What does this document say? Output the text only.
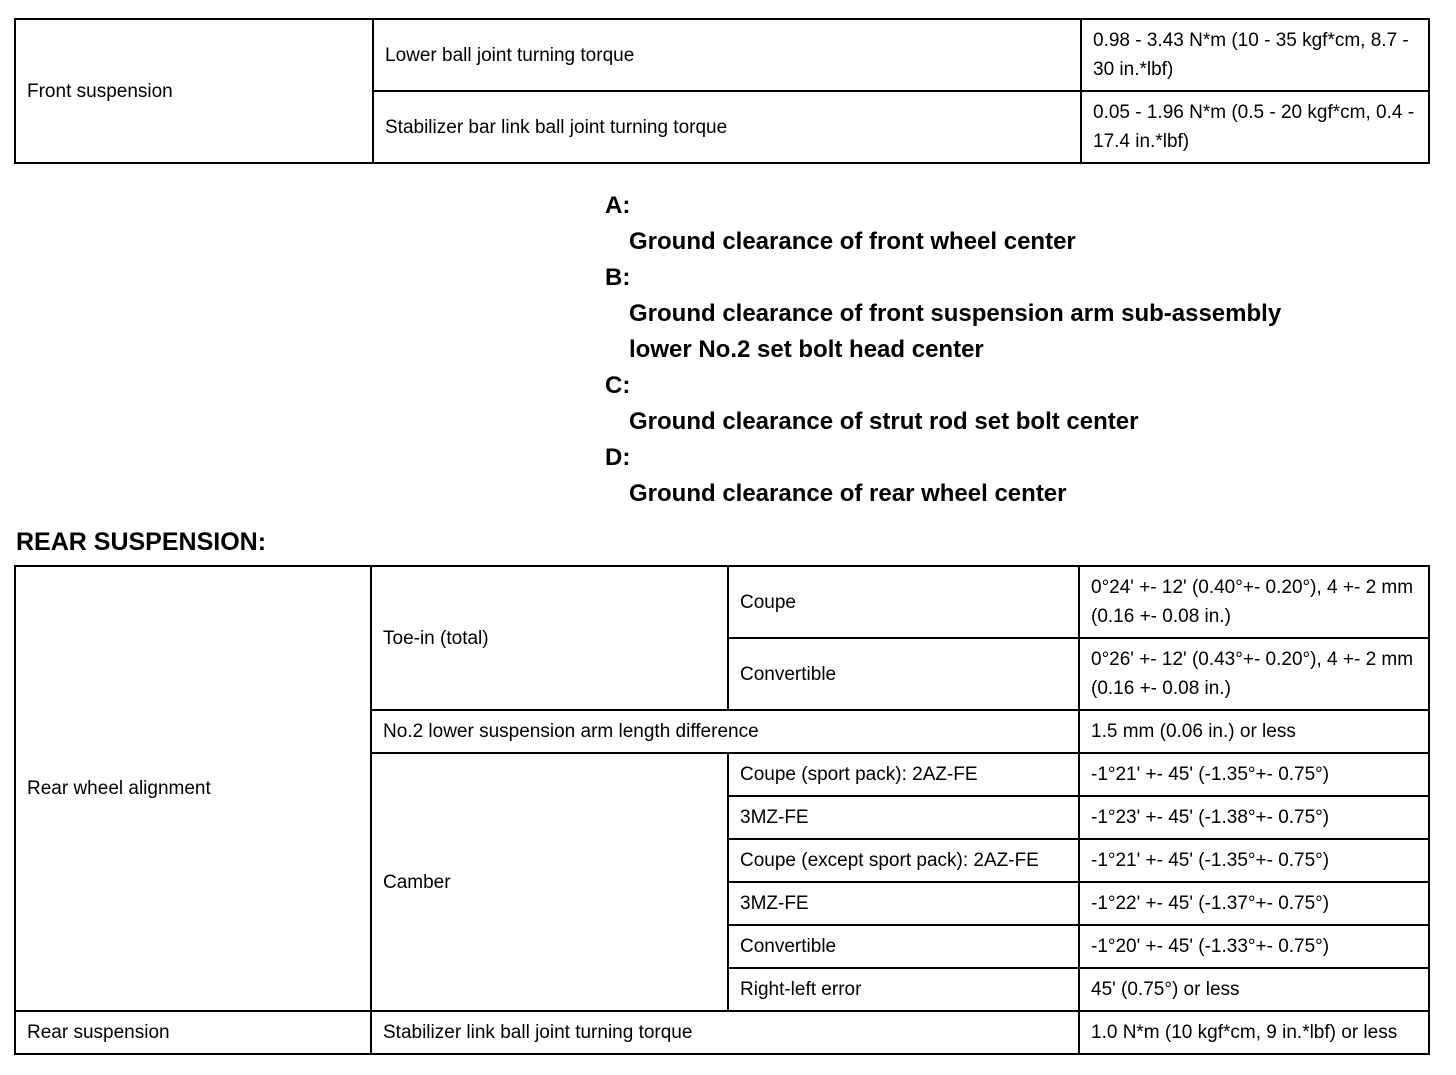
Front suspension	Lower ball joint turning torque	0.98 - 3.43 N*m (10 - 35 kgf*cm, 8.7 - 30 in.*lbf)
	Stabilizer bar link ball joint turning torque	0.05 - 1.96 N*m (0.5 - 20 kgf*cm, 0.4 - 17.4 in.*lbf)
A:
Ground clearance of front wheel center
B:
Ground clearance of front suspension arm sub-assembly lower No.2 set bolt head center
C:
Ground clearance of strut rod set bolt center
D:
Ground clearance of rear wheel center
REAR SUSPENSION:
Rear wheel alignment	Toe-in (total)	Coupe	0°24' +- 12' (0.40°+- 0.20°), 4 +- 2 mm (0.16 +- 0.08 in.)
		Convertible	0°26' +- 12' (0.43°+- 0.20°), 4 +- 2 mm (0.16 +- 0.08 in.)
	No.2 lower suspension arm length difference		1.5 mm (0.06 in.) or less
	Camber	Coupe (sport pack): 2AZ-FE	-1°21' +- 45' (-1.35°+- 0.75°)
		3MZ-FE	-1°23' +- 45' (-1.38°+- 0.75°)
		Coupe (except sport pack): 2AZ-FE	-1°21' +- 45' (-1.35°+- 0.75°)
		3MZ-FE	-1°22' +- 45' (-1.37°+- 0.75°)
		Convertible	-1°20' +- 45' (-1.33°+- 0.75°)
		Right-left error	45' (0.75°) or less
Rear suspension	Stabilizer link ball joint turning torque		1.0 N*m (10 kgf*cm, 9 in.*lbf) or less
